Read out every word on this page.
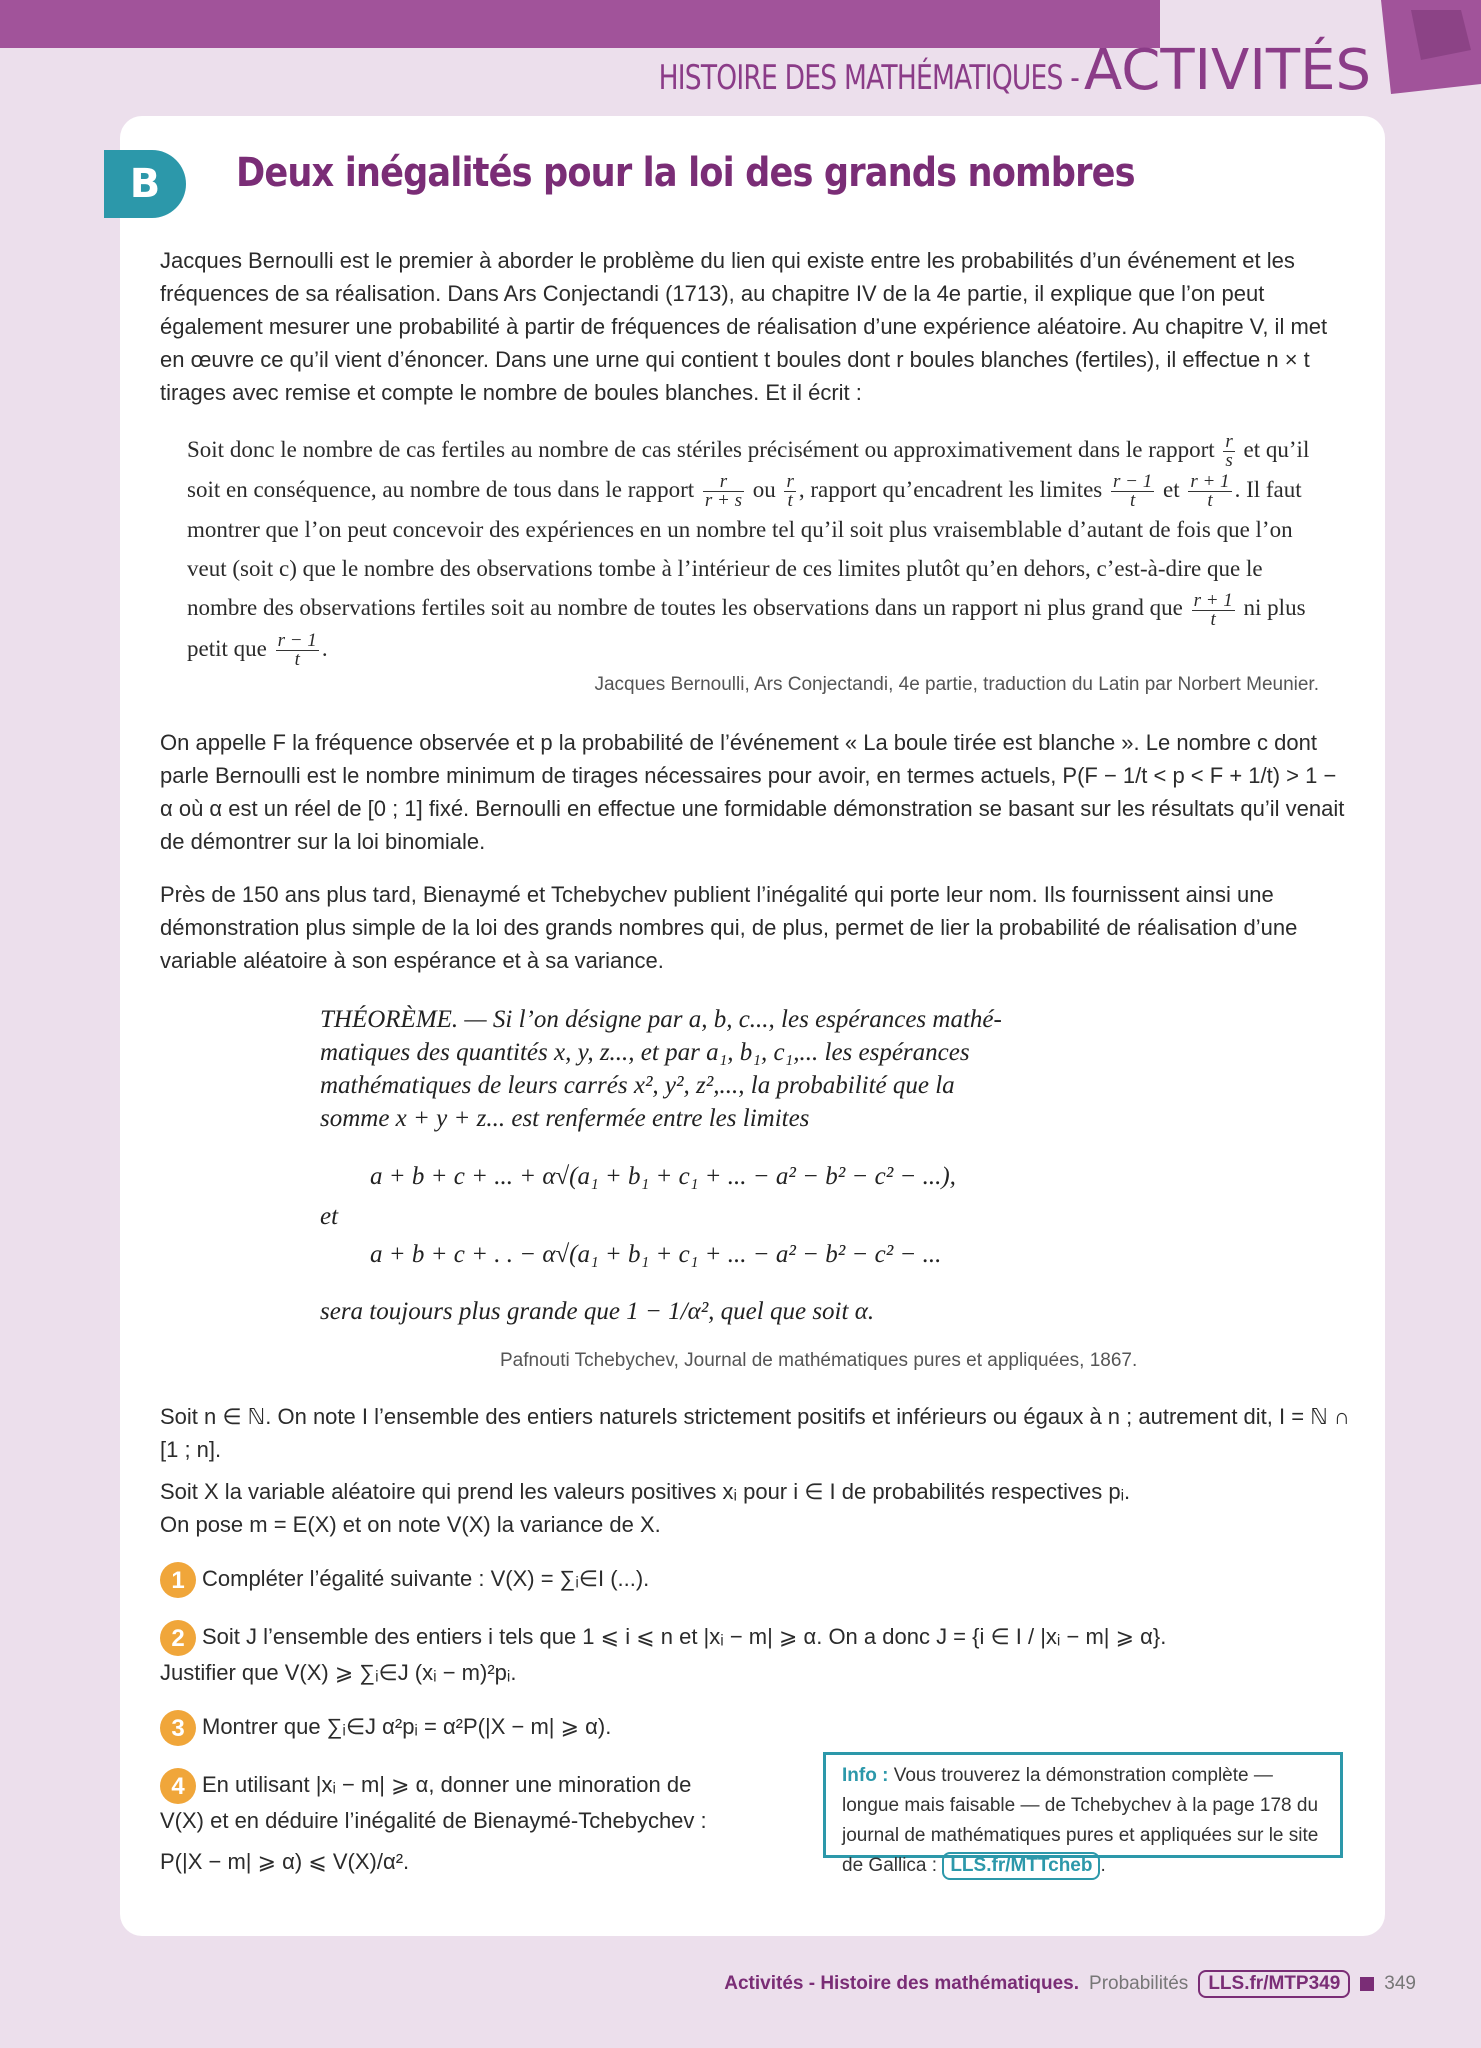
HISTOIRE DES MATHÉMATIQUES - ACTIVITÉS
B	Deux inégalités pour la loi des grands nombres
Jacques Bernoulli est le premier à aborder le problème du lien qui existe entre les probabilités d’un événement et les fréquences de sa réalisation. Dans Ars Conjectandi (1713), au chapitre IV de la 4e partie, il explique que l’on peut également mesurer une probabilité à partir de fréquences de réalisation d’une expérience aléatoire. Au chapitre V, il met en œuvre ce qu’il vient d’énoncer. Dans une urne qui contient t boules dont r boules blanches (fertiles), il effectue n × t tirages avec remise et compte le nombre de boules blanches. Et il écrit :
Soit donc le nombre de cas fertiles au nombre de cas stériles précisément ou approximativement dans le rapport $\frac{r}{s}$ et qu’il soit en conséquence, au nombre de tous dans le rapport $\frac{r}{r + s}$ ou $\frac{r}{t}$ , rapport qu’encadrent les limites $\frac{r - 1}{t}$ et $\frac{r + 1}{t}$ . Il faut montrer que l’on peut concevoir des expériences en un nombre tel qu’il soit plus vraisemblable d’autant de fois que l’on veut (soit c) que le nombre des observations tombe à l’intérieur de ces limites plutôt qu’en dehors, c’est-à-dire que le nombre des observations fertiles soit au nombre de toutes les observations dans un rapport ni plus grand que $\frac{r + 1}{t}$ ni plus petit que $\frac{r - 1}{t}$ .
Jacques Bernoulli, Ars Conjectandi, 4e partie, traduction du Latin par Norbert Meunier.
On appelle F la fréquence observée et p la probabilité de l’événement « La boule tirée est blanche ». Le nombre c dont parle Bernoulli est le nombre minimum de tirages nécessaires pour avoir, en termes actuels, P(F − 1/t < p < F + 1/t) > 1 − α où α est un réel de [0 ; 1] fixé. Bernoulli en effectue une formidable démonstration se basant sur les résultats qu’il venait de démontrer sur la loi binomiale.
Près de 150 ans plus tard, Bienaymé et Tchebychev publient l’inégalité qui porte leur nom. Ils fournissent ainsi une démonstration plus simple de la loi des grands nombres qui, de plus, permet de lier la probabilité de réalisation d’une variable aléatoire à son espérance et à sa variance.
THÉORÈME. — Si l’on désigne par a, b, c..., les espérances mathé-
matiques des quantités x, y, z..., et par a₁, b₁, c₁,... les espérances
mathématiques de leurs carrés x², y², z²,..., la probabilité que la
somme x + y + z... est renfermée entre les limites
a + b + c + ... + α√(a₁ + b₁ + c₁ + ... − a² − b² − c² − ...),
et
a + b + c + . . − α√(a₁ + b₁ + c₁ + ... − a² − b² − c² − ...
sera toujours plus grande que 1 − 1/α², quel que soit α.
Pafnouti Tchebychev, Journal de mathématiques pures et appliquées, 1867.
Soit n ∈ ℕ. On note I l’ensemble des entiers naturels strictement positifs et inférieurs ou égaux à n ; autrement dit, I = ℕ ∩ [1 ; n].
Soit X la variable aléatoire qui prend les valeurs positives xᵢ pour i ∈ I de probabilités respectives pᵢ.
On pose m = E(X) et on note V(X) la variance de X.
1 Compléter l’égalité suivante : V(X) = ∑ᵢ∈I (...).
2 Soit J l’ensemble des entiers i tels que 1 ⩽ i ⩽ n et |xᵢ − m| ⩾ α. On a donc J = {i ∈ I / |xᵢ − m| ⩾ α}.
Justifier que V(X) ⩾ ∑ᵢ∈J (xᵢ − m)²pᵢ.
3 Montrer que ∑ᵢ∈J α²pᵢ = α²P(|X − m| ⩾ α).
4 En utilisant |xᵢ − m| ⩾ α, donner une minoration de
V(X) et en déduire l’inégalité de Bienaymé-Tchebychev :
P(|X − m| ⩾ α) ⩽ V(X)/α².
Info : Vous trouverez la démonstration complète — longue mais faisable — de Tchebychev à la page 178 du journal de mathématiques pures et appliquées sur le site de Gallica : LLS.fr/MTTcheb .
Activités - Histoire des mathématiques. Probabilités	LLS.fr/MTP349	349
